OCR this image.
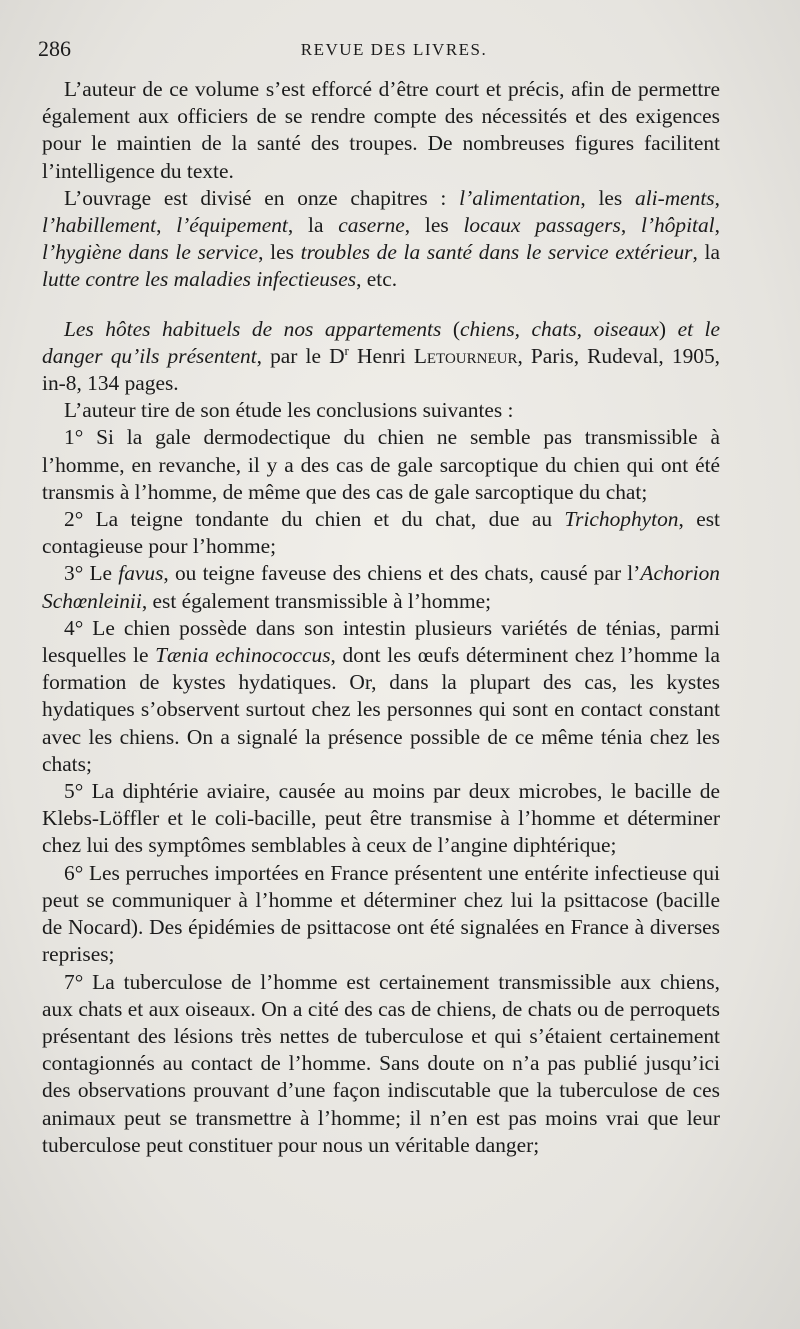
286	REVUE DES LIVRES.

L’auteur de ce volume s’est efforcé d’être court et précis, afin de permettre également aux officiers de se rendre compte des nécessités et des exigences pour le maintien de la santé des troupes. De nombreuses figures facilitent l’intelligence du texte.

L’ouvrage est divisé en onze chapitres : l’alimentation, les ali-ments, l’habillement, l’équipement, la caserne, les locaux passagers, l’hôpital, l’hygiène dans le service, les troubles de la santé dans le service extérieur, la lutte contre les maladies infectieuses, etc.

Les hôtes habituels de nos appartements (chiens, chats, oiseaux) et le danger qu’ils présentent, par le $D^r$ Henri Letourneur, Paris, Rudeval, 1905, in-8, 134 pages.

L’auteur tire de son étude les conclusions suivantes :

1° Si la gale dermodectique du chien ne semble pas transmissible à l’homme, en revanche, il y a des cas de gale sarcoptique du chien qui ont été transmis à l’homme, de même que des cas de gale sarcoptique du chat;

2° La teigne tondante du chien et du chat, due au Trichophyton, est contagieuse pour l’homme;

3° Le favus, ou teigne faveuse des chiens et des chats, causé par l’Achorion Schœnleinii, est également transmissible à l’homme;

4° Le chien possède dans son intestin plusieurs variétés de ténias, parmi lesquelles le Tænia echinococcus, dont les œufs déterminent chez l’homme la formation de kystes hydatiques. Or, dans la plupart des cas, les kystes hydatiques s’observent surtout chez les personnes qui sont en contact constant avec les chiens. On a signalé la présence possible de ce même ténia chez les chats;

5° La diphtérie aviaire, causée au moins par deux microbes, le bacille de Klebs-Löffler et le coli-bacille, peut être transmise à l’homme et déterminer chez lui des symptômes semblables à ceux de l’angine diphtérique;

6° Les perruches importées en France présentent une entérite infectieuse qui peut se communiquer à l’homme et déterminer chez lui la psittacose (bacille de Nocard). Des épidémies de psittacose ont été signalées en France à diverses reprises;

7° La tuberculose de l’homme est certainement transmissible aux chiens, aux chats et aux oiseaux. On a cité des cas de chiens, de chats ou de perroquets présentant des lésions très nettes de tuberculose et qui s’étaient certainement contagionnés au contact de l’homme. Sans doute on n’a pas publié jusqu’ici des observations prouvant d’une façon indiscutable que la tuberculose de ces animaux peut se transmettre à l’homme; il n’en est pas moins vrai que leur tuberculose peut constituer pour nous un véritable danger;
